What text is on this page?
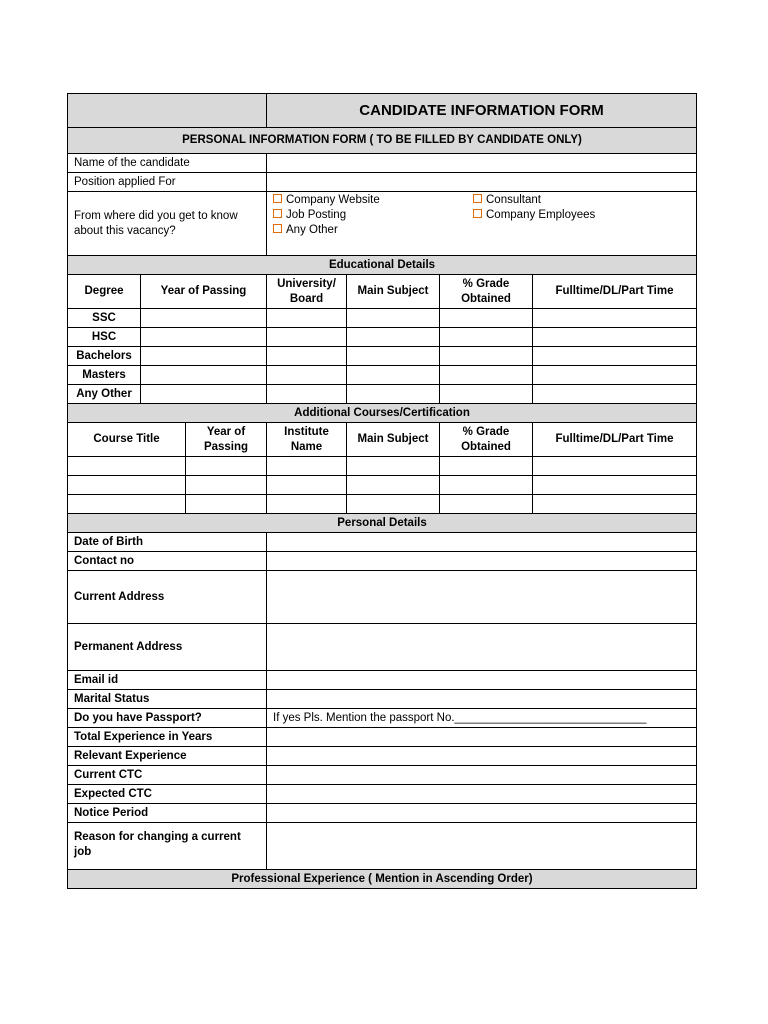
			CANDIDATE INFORMATION FORM			
PERSONAL INFORMATION FORM ( TO BE FILLED BY CANDIDATE ONLY)						
Name of the candidate						
Position applied For						
From where did you get to know about this vacancy?			Company Website
Job Posting
Any Other
Consultant
Company Employees			

Educational Details						
Degree	Year of Passing		University/ Board	Main Subject	% Grade Obtained	Fulltime/DL/Part Time
SSC						
HSC						
Bachelors						
Masters						
Any Other						
Additional Courses/Certification						
Course Title		Year of Passing	Institute Name	Main Subject	% Grade Obtained	Fulltime/DL/Part Time

Personal Details						
Date of Birth						
Contact no						
Current Address						
Permanent Address						
Email id						
Marital Status						
Do you have Passport?			If yes Pls. Mention the passport No.______________________________			
Total Experience in Years						
Relevant Experience						
Current CTC						
Expected CTC						
Notice Period						
Reason for changing a current job						
Professional Experience ( Mention in Ascending Order)						
